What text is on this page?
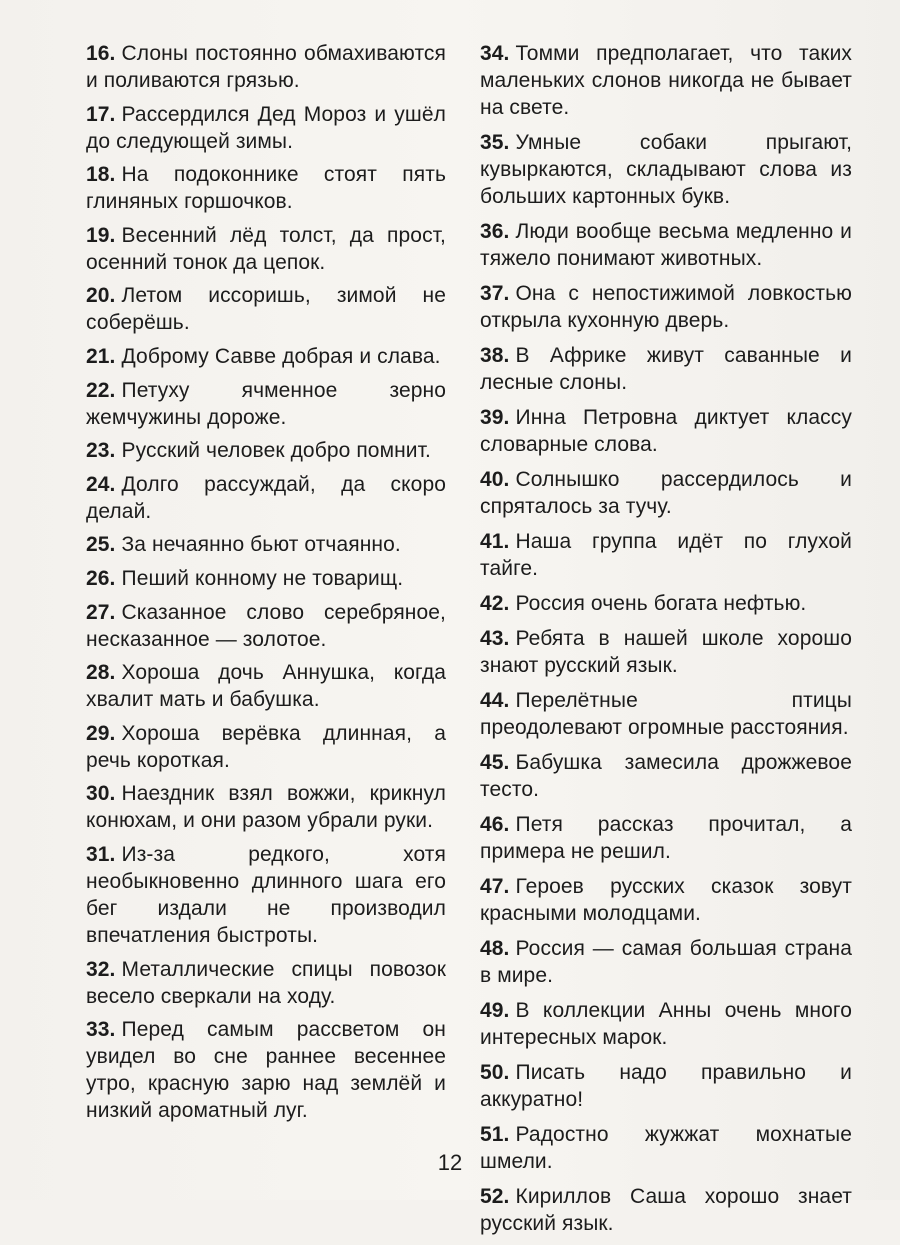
16. Слоны постоянно обмахиваются и поливаются грязью.
17. Рассердился Дед Мороз и ушёл до следующей зимы.
18. На подоконнике стоят пять глиняных горшочков.
19. Весенний лёд толст, да прост, осенний тонок да цепок.
20. Летом иссоришь, зимой не соберёшь.
21. Доброму Савве добрая и слава.
22. Петуху ячменное зерно жемчужины дороже.
23. Русский человек добро помнит.
24. Долго рассуждай, да скоро делай.
25. За нечаянно бьют отчаянно.
26. Пеший конному не товарищ.
27. Сказанное слово серебряное, несказанное — золотое.
28. Хороша дочь Аннушка, когда хвалит мать и бабушка.
29. Хороша верёвка длинная, а речь короткая.
30. Наездник взял вожжи, крикнул конюхам, и они разом убрали руки.
31. Из-за редкого, хотя необыкновенно длинного шага его бег издали не производил впечатления быстроты.
32. Металлические спицы повозок весело сверкали на ходу.
33. Перед самым рассветом он увидел во сне раннее весеннее утро, красную зарю над землёй и низкий ароматный луг.
34. Томми предполагает, что таких маленьких слонов никогда не бывает на свете.
35. Умные собаки прыгают, кувыркаются, складывают слова из больших картонных букв.
36. Люди вообще весьма медленно и тяжело понимают животных.
37. Она с непостижимой ловкостью открыла кухонную дверь.
38. В Африке живут саванные и лесные слоны.
39. Инна Петровна диктует классу словарные слова.
40. Солнышко рассердилось и спряталось за тучу.
41. Наша группа идёт по глухой тайге.
42. Россия очень богата нефтью.
43. Ребята в нашей школе хорошо знают русский язык.
44. Перелётные птицы преодолевают огромные расстояния.
45. Бабушка замесила дрожжевое тесто.
46. Петя рассказ прочитал, а примера не решил.
47. Героев русских сказок зовут красными молодцами.
48. Россия — самая большая страна в мире.
49. В коллекции Анны очень много интересных марок.
50. Писать надо правильно и аккуратно!
51. Радостно жужжат мохнатые шмели.
52. Кириллов Саша хорошо знает русский язык.
12
